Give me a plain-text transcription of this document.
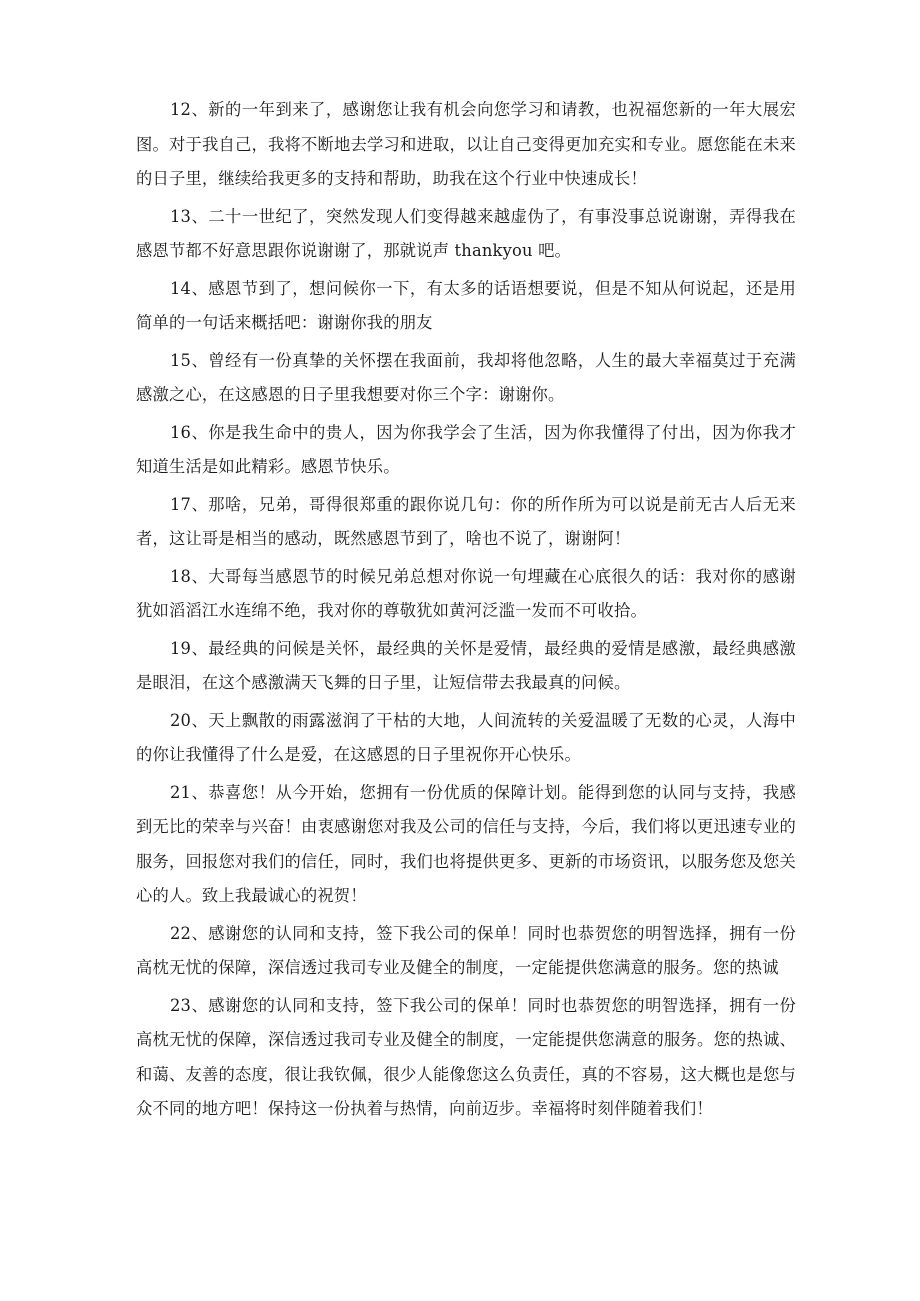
12、新的一年到来了，感谢您让我有机会向您学习和请教，也祝福您新的一年大展宏图。对于我自己，我将不断地去学习和进取，以让自己变得更加充实和专业。愿您能在未来的日子里，继续给我更多的支持和帮助，助我在这个行业中快速成长！

13、二十一世纪了，突然发现人们变得越来越虚伪了，有事没事总说谢谢，弄得我在感恩节都不好意思跟你说谢谢了，那就说声 thankyou 吧。

14、感恩节到了，想问候你一下，有太多的话语想要说，但是不知从何说起，还是用简单的一句话来概括吧：谢谢你我的朋友

15、曾经有一份真挚的关怀摆在我面前，我却将他忽略，人生的最大幸福莫过于充满感激之心，在这感恩的日子里我想要对你三个字：谢谢你。

16、你是我生命中的贵人，因为你我学会了生活，因为你我懂得了付出，因为你我才知道生活是如此精彩。感恩节快乐。

17、那啥，兄弟，哥得很郑重的跟你说几句：你的所作所为可以说是前无古人后无来者，这让哥是相当的感动，既然感恩节到了，啥也不说了，谢谢阿！

18、大哥每当感恩节的时候兄弟总想对你说一句埋藏在心底很久的话：我对你的感谢犹如滔滔江水连绵不绝，我对你的尊敬犹如黄河泛滥一发而不可收拾。

19、最经典的问候是关怀，最经典的关怀是爱情，最经典的爱情是感激，最经典感激是眼泪，在这个感激满天飞舞的日子里，让短信带去我最真的问候。

20、天上飘散的雨露滋润了干枯的大地，人间流转的关爱温暖了无数的心灵，人海中的你让我懂得了什么是爱，在这感恩的日子里祝你开心快乐。

21、恭喜您！从今开始，您拥有一份优质的保障计划。能得到您的认同与支持，我感到无比的荣幸与兴奋！由衷感谢您对我及公司的信任与支持，今后，我们将以更迅速专业的服务，回报您对我们的信任，同时，我们也将提供更多、更新的市场资讯，以服务您及您关心的人。致上我最诚心的祝贺！

22、感谢您的认同和支持，签下我公司的保单！同时也恭贺您的明智选择，拥有一份高枕无忧的保障，深信透过我司专业及健全的制度，一定能提供您满意的服务。您的热诚

23、感谢您的认同和支持，签下我公司的保单！同时也恭贺您的明智选择，拥有一份高枕无忧的保障，深信透过我司专业及健全的制度，一定能提供您满意的服务。您的热诚、和蔼、友善的态度，很让我钦佩，很少人能像您这么负责任，真的不容易，这大概也是您与众不同的地方吧！保持这一份执着与热情，向前迈步。幸福将时刻伴随着我们！
